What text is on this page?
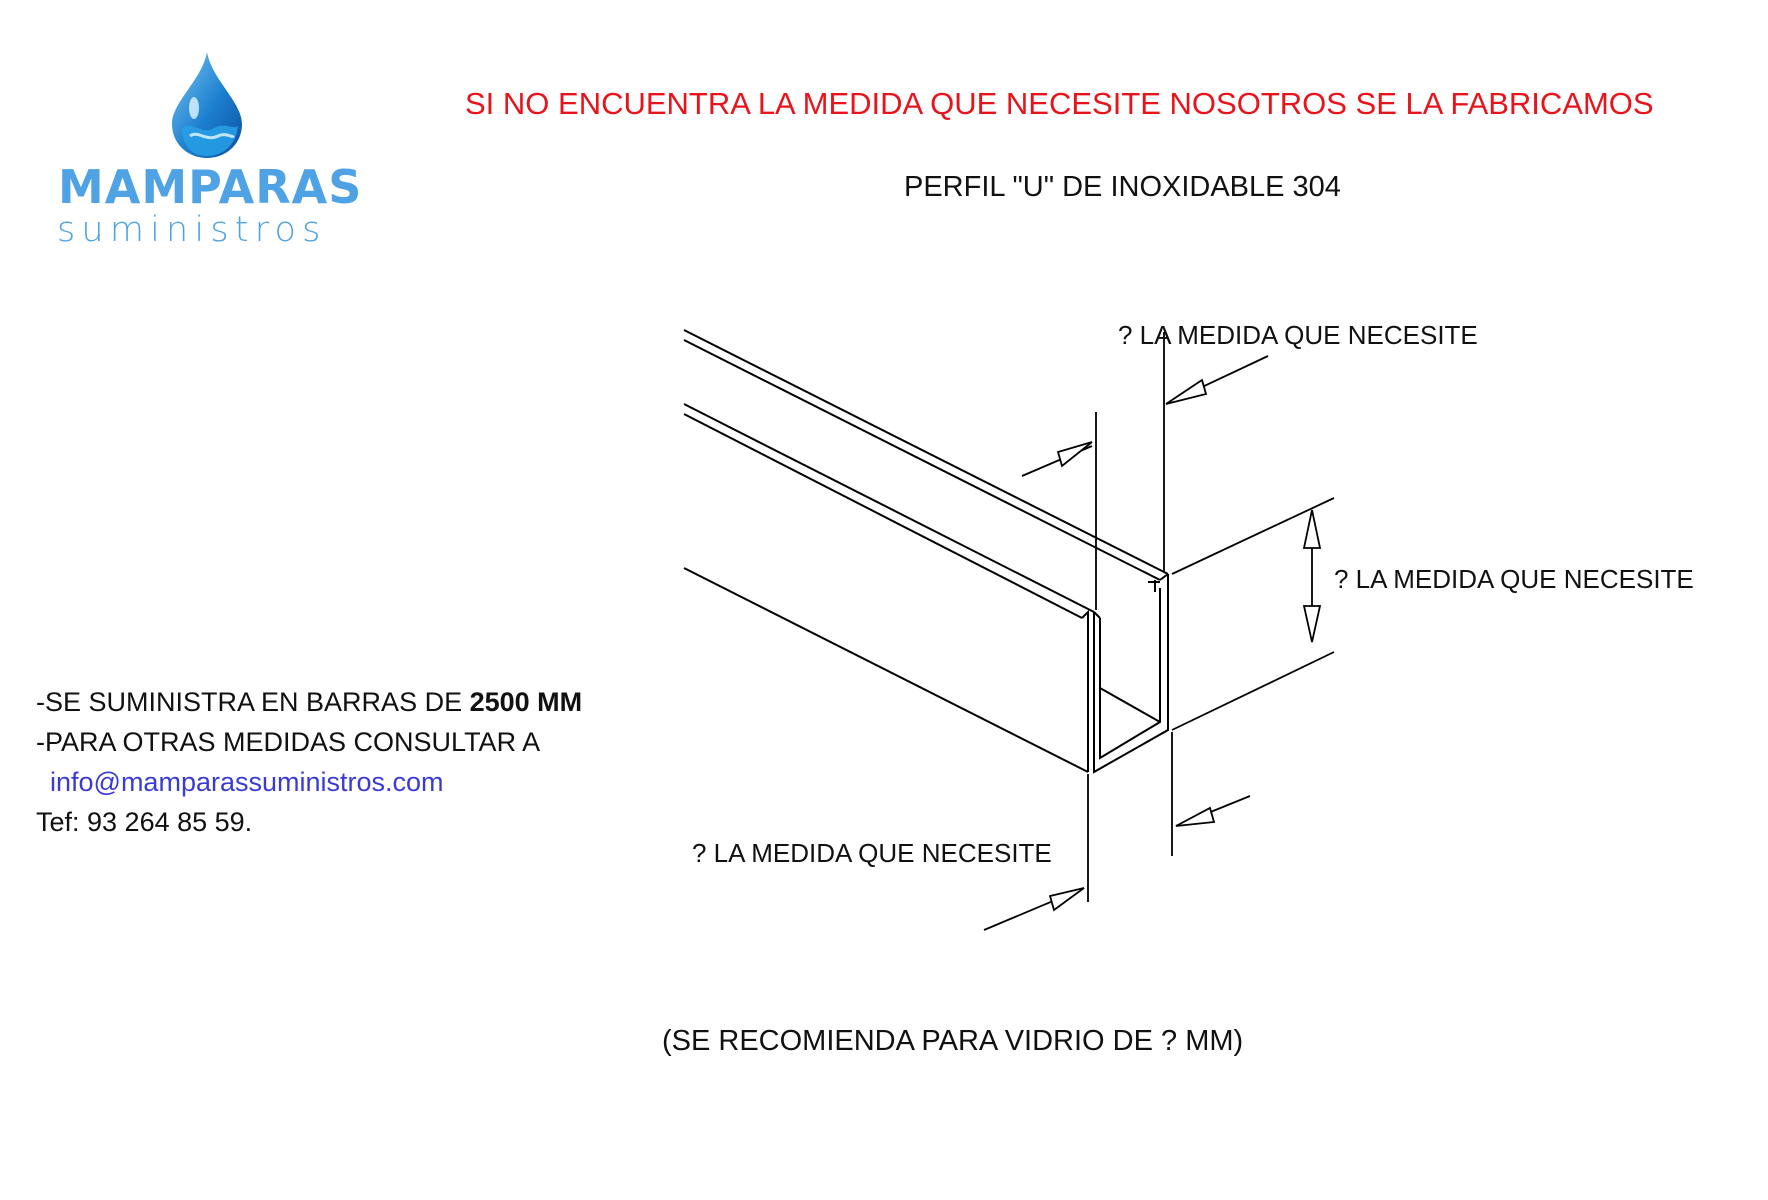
MAMPARAS
suministros
SI NO ENCUENTRA LA MEDIDA QUE NECESITE NOSOTROS SE LA FABRICAMOS
PERFIL "U" DE INOXIDABLE 304
? LA MEDIDA QUE NECESITE
? LA MEDIDA QUE NECESITE
? LA MEDIDA QUE NECESITE
-SE SUMINISTRA EN BARRAS DE 2500 MM
-PARA OTRAS MEDIDAS CONSULTAR A
info@mamparassuministros.com
Tef: 93 264 85 59.
(SE RECOMIENDA PARA VIDRIO DE ? MM)
